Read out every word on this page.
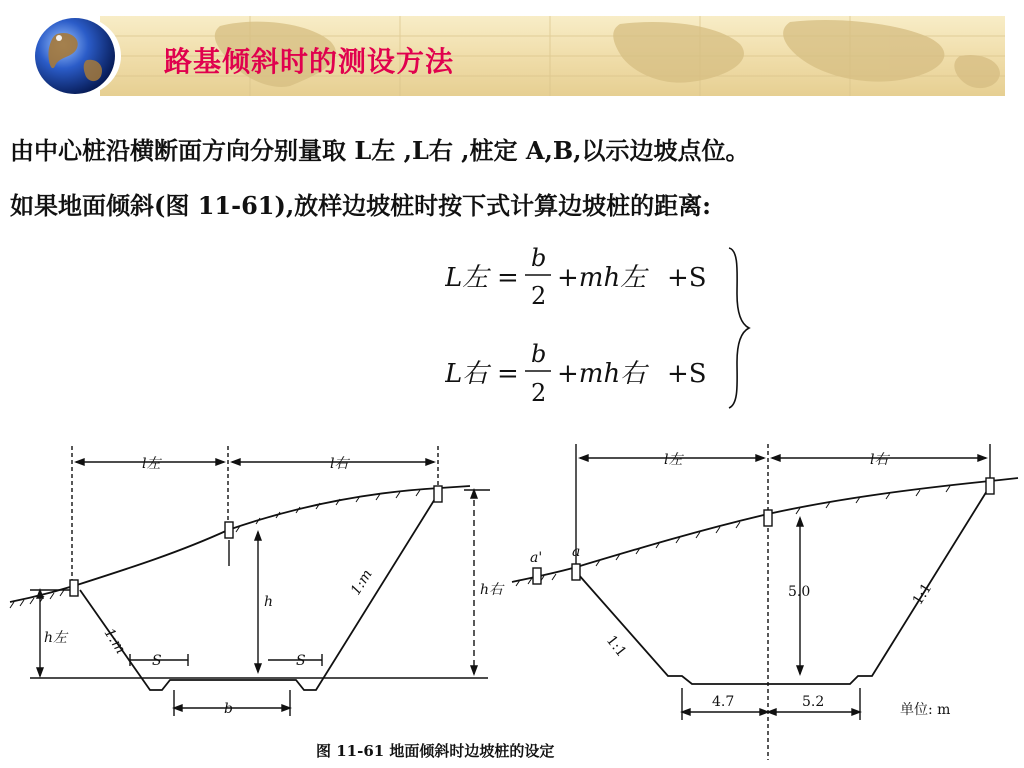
路基倾斜时的测设方法
由中心桩沿横断面方向分别量取 L左 ,L右 ,桩定 A,B,以示边坡点位。
如果地面倾斜(图 11-61),放样边坡桩时按下式计算边坡桩的距离:
L左 =
b
2
+mh左 +S
L右 =
b
2
+mh右 +S
l左	l右
h
h左
h右
1:m
1:m
S	S
b
l左	l右
a' a
5.0
1:1
1:1
4.7	5.2	单位: m
图 11-61 地面倾斜时边坡桩的设定
